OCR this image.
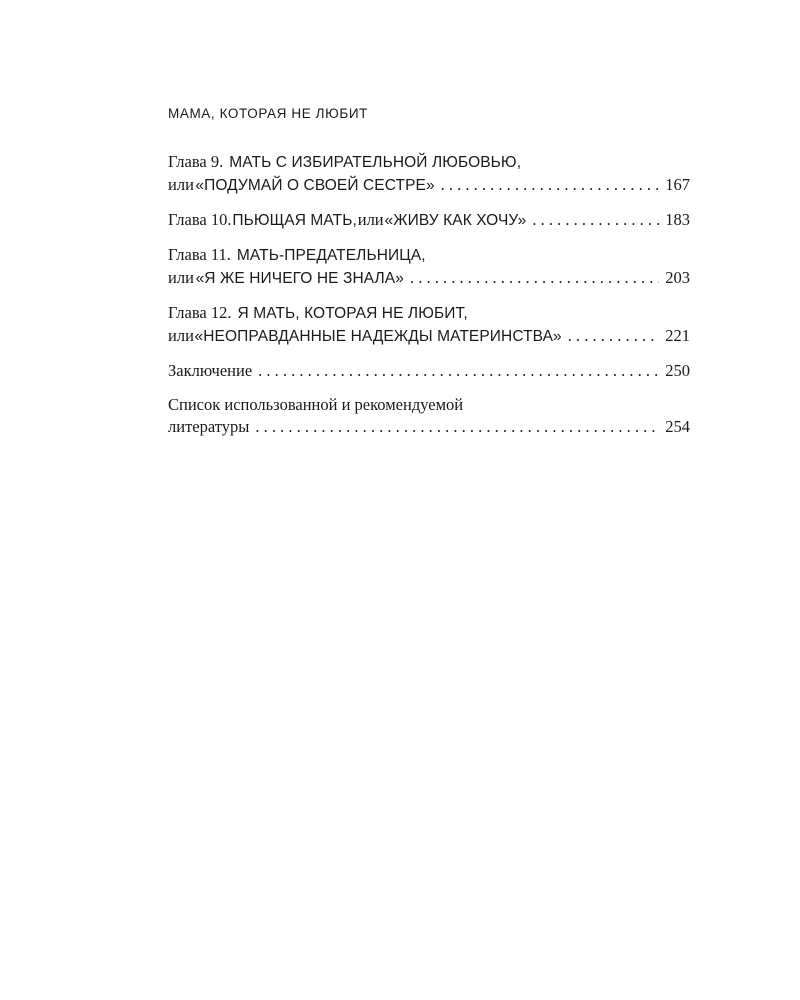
МАМА, КОТОРАЯ НЕ ЛЮБИТ
Глава 9. МАТЬ С ИЗБИРАТЕЛЬНОЙ ЛЮБОВЬЮ,
или «ПОДУМАЙ О СВОЕЙ СЕСТРЕ» . . .	167
Глава 10. ПЬЮЩАЯ МАТЬ, или «ЖИВУ КАК ХОЧУ» . . .	183
Глава 11. МАТЬ-ПРЕДАТЕЛЬНИЦА,
или «Я ЖЕ НИЧЕГО НЕ ЗНАЛА» . . .	203
Глава 12. Я МАТЬ, КОТОРАЯ НЕ ЛЮБИТ,
или «НЕОПРАВДАННЫЕ НАДЕЖДЫ МАТЕРИНСТВА» . . .	221
Заключение . . .	250
Список использованной и рекомендуемой
литературы . . .	254
